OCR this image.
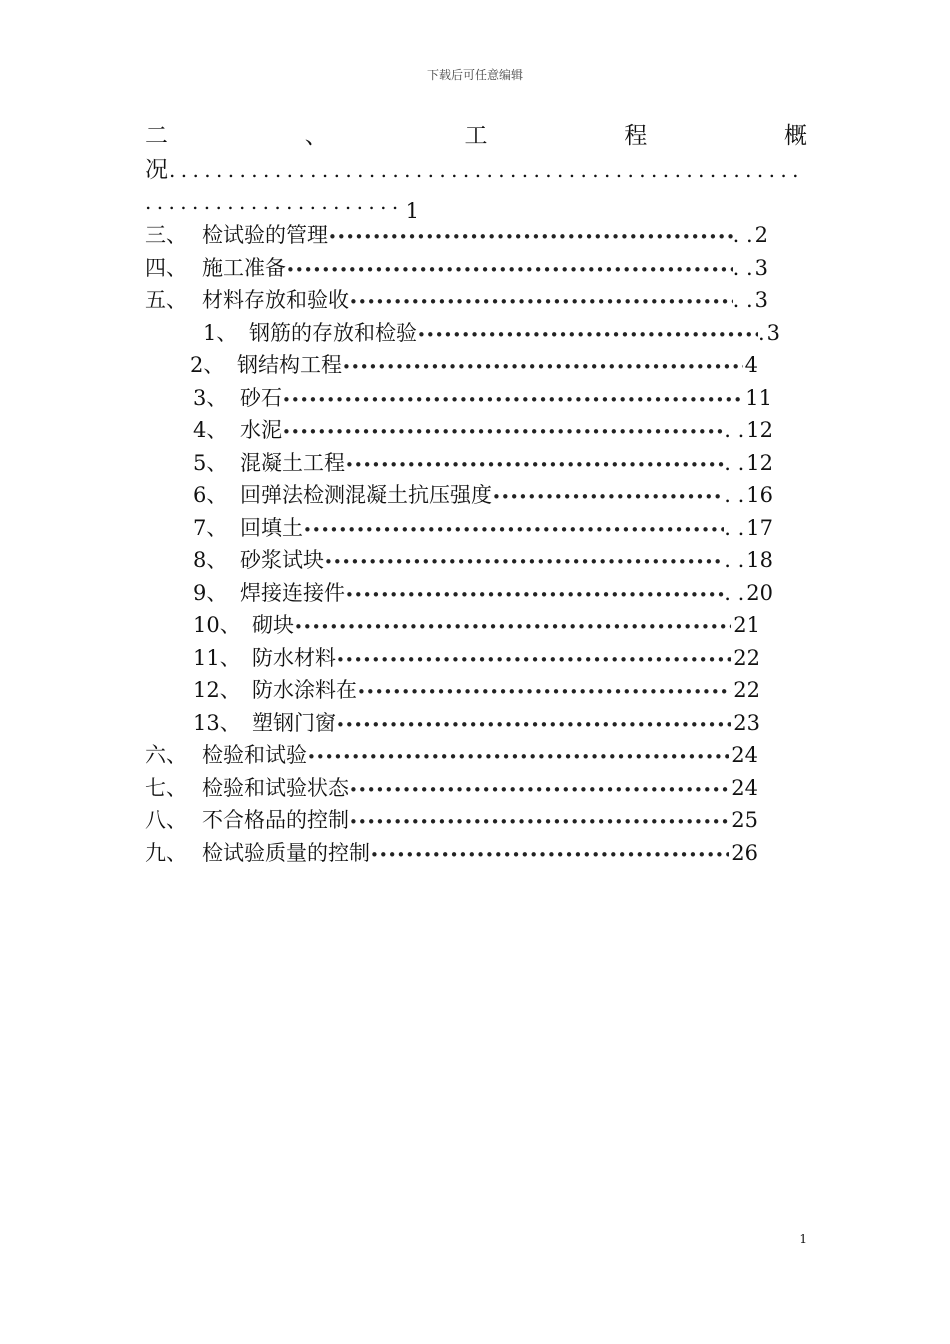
下载后可任意编辑
二	、	工	程	概
况 ......................................................
......................1
三、 检试验的管理 •••••	. . 2
四、 施工准备 •••••	. . 3
五、 材料存放和验收 •••••	. . 3
1、 钢筋的存放和检验 •••••	. 3
2、 钢结构工程 •••••	4
3、 砂石 •••••	11
4、 水泥 •••••	. . 12
5、 混凝土工程 •••••	. . 12
6、 回弹法检测混凝土抗压强度 •••••	. . 16
7、 回填土 •••••	. . 17
8、 砂浆试块 •••••	. . 18
9、 焊接连接件 •••••	. . 20
10、 砌块 •••••	21
11、 防水材料 •••••	22
12、 防水涂料在 •••••	22
13、 塑钢门窗 •••••	23
六、 检验和试验 •••••	24
七、 检验和试验状态 •••••	24
八、 不合格品的控制 •••••	25
九、 检试验质量的控制 •••••	26
1
